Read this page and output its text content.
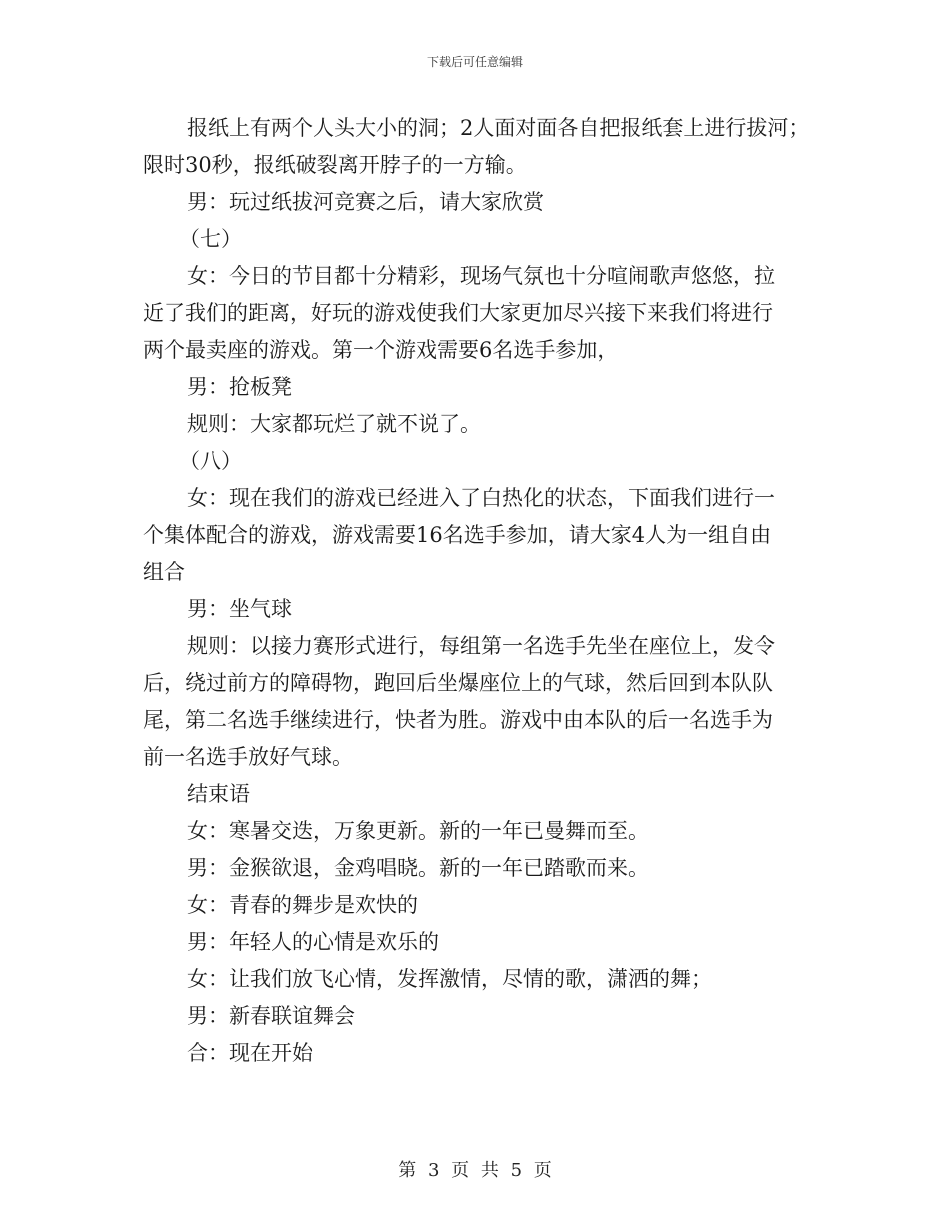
下载后可任意编辑
报纸上有两个人头大小的洞；2人面对面各自把报纸套上进行拔河；
限时30秒，报纸破裂离开脖子的一方输。
男：玩过纸拔河竞赛之后，请大家欣赏
（七）
女：今日的节目都十分精彩，现场气氛也十分喧闹歌声悠悠，拉
近了我们的距离，好玩的游戏使我们大家更加尽兴接下来我们将进行
两个最卖座的游戏。第一个游戏需要6名选手参加，
男：抢板凳
规则：大家都玩烂了就不说了。
（八）
女：现在我们的游戏已经进入了白热化的状态，下面我们进行一
个集体配合的游戏，游戏需要16名选手参加，请大家4人为一组自由
组合
男：坐气球
规则：以接力赛形式进行，每组第一名选手先坐在座位上，发令
后，绕过前方的障碍物，跑回后坐爆座位上的气球，然后回到本队队
尾，第二名选手继续进行，快者为胜。游戏中由本队的后一名选手为
前一名选手放好气球。
结束语
女：寒暑交迭，万象更新。新的一年已曼舞而至。
男：金猴欲退，金鸡唱晓。新的一年已踏歌而来。
女：青春的舞步是欢快的
男：年轻人的心情是欢乐的
女：让我们放飞心情，发挥激情，尽情的歌，潇洒的舞；
男：新春联谊舞会
合：现在开始
第 3 页 共 5 页
